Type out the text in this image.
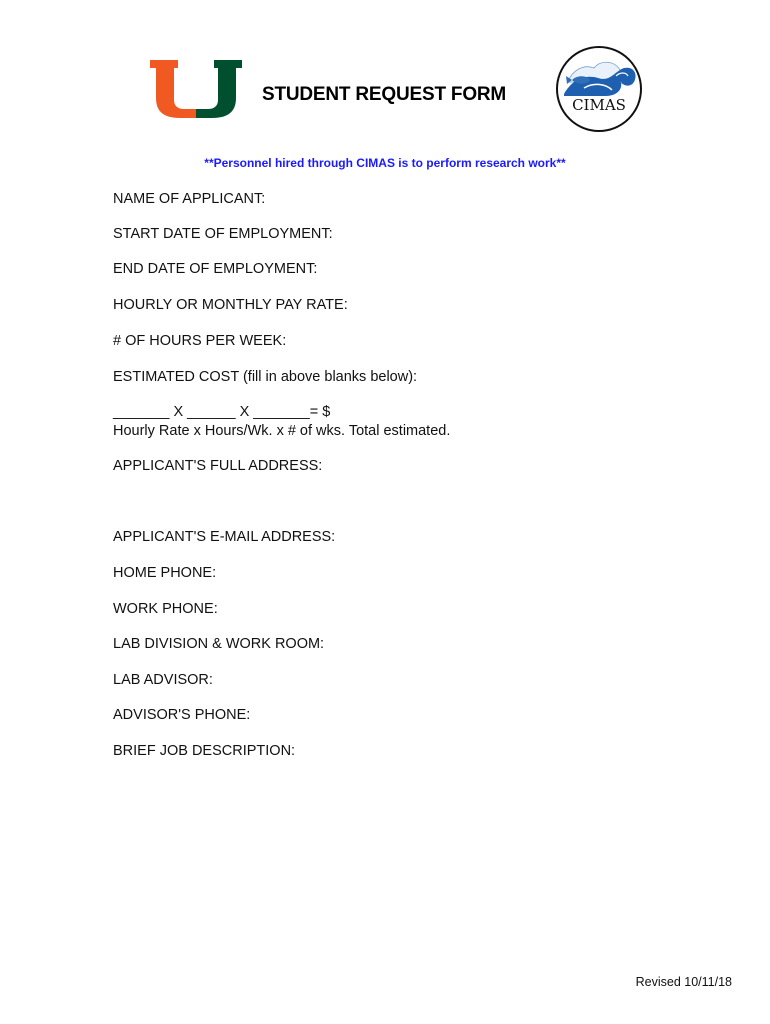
STUDENT REQUEST FORM	CIMAS
**Personnel hired through CIMAS is to perform research work**
NAME OF APPLICANT:
START DATE OF EMPLOYMENT:
END DATE OF EMPLOYMENT:
HOURLY OR MONTHLY PAY RATE:
# OF HOURS PER WEEK:
ESTIMATED COST (fill in above blanks below):
_______ X ______ X _______= $
Hourly Rate x Hours/Wk. x # of wks. Total estimated.
APPLICANT'S FULL ADDRESS:
APPLICANT'S E-MAIL ADDRESS:
HOME PHONE:
WORK PHONE:
LAB DIVISION & WORK ROOM:
LAB ADVISOR:
ADVISOR'S PHONE:
BRIEF JOB DESCRIPTION:
Revised 10/11/18
